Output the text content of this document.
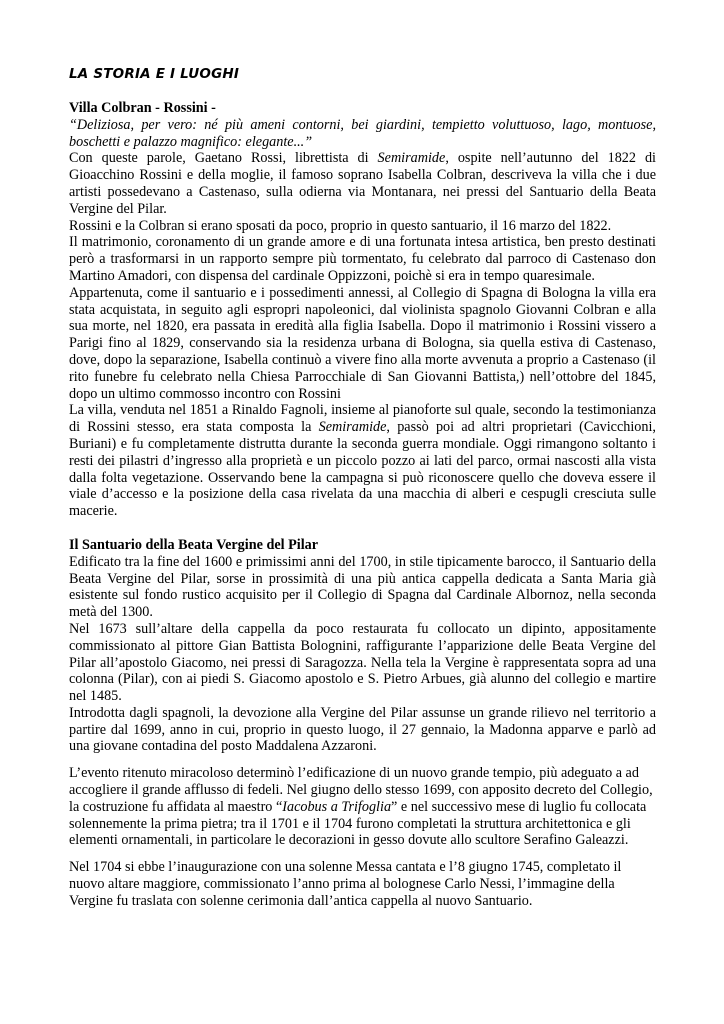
LA STORIA E I LUOGHI
Villa Colbran - Rossini -

“Deliziosa, per vero: né più ameni contorni, bei giardini, tempietto voluttuoso, lago, montuose, boschetti e palazzo magnifico: elegante...”

Con queste parole, Gaetano Rossi, librettista di Semiramide, ospite nell’autunno del 1822 di Gioacchino Rossini e della moglie, il famoso soprano Isabella Colbran, descriveva la villa che i due artisti possedevano a Castenaso, sulla odierna via Montanara, nei pressi del Santuario della Beata Vergine del Pilar.

Rossini e la Colbran si erano sposati da poco, proprio in questo santuario, il 16 marzo del 1822.

Il matrimonio, coronamento di un grande amore e di una fortunata intesa artistica, ben presto destinati però a trasformarsi in un rapporto sempre più tormentato, fu celebrato dal parroco di Castenaso don Martino Amadori, con dispensa del cardinale Oppizzoni, poichè si era in tempo quaresimale.

Appartenuta, come il santuario e i possedimenti annessi, al Collegio di Spagna di Bologna la villa era stata acquistata, in seguito agli espropri napoleonici, dal violinista spagnolo Giovanni Colbran e alla sua morte, nel 1820, era passata in eredità alla figlia Isabella. Dopo il matrimonio i Rossini vissero a Parigi fino al 1829, conservando sia la residenza urbana di Bologna, sia quella estiva di Castenaso, dove, dopo la separazione, Isabella continuò a vivere fino alla morte avvenuta a proprio a Castenaso (il rito funebre fu celebrato nella Chiesa Parrocchiale di San Giovanni Battista,) nell’ottobre del 1845, dopo un ultimo commosso incontro con Rossini

La villa, venduta nel 1851 a Rinaldo Fagnoli, insieme al pianoforte sul quale, secondo la testimonianza di Rossini stesso, era stata composta la Semiramide, passò poi ad altri proprietari (Cavicchioni, Buriani) e fu completamente distrutta durante la seconda guerra mondiale. Oggi rimangono soltanto i resti dei pilastri d’ingresso alla proprietà e un piccolo pozzo ai lati del parco, ormai nascosti alla vista dalla folta vegetazione. Osservando bene la campagna si può riconoscere quello che doveva essere il viale d’accesso e la posizione della casa rivelata da una macchia di alberi e cespugli cresciuta sulle macerie.

Il Santuario della Beata Vergine del Pilar

Edificato tra la fine del 1600 e primissimi anni del 1700, in stile tipicamente barocco, il Santuario della Beata Vergine del Pilar, sorse in prossimità di una più antica cappella dedicata a Santa Maria già esistente sul fondo rustico acquisito per il Collegio di Spagna dal Cardinale Albornoz, nella seconda metà del 1300.

Nel 1673 sull’altare della cappella da poco restaurata fu collocato un dipinto, appositamente commissionato al pittore Gian Battista Bolognini, raffigurante l’apparizione delle Beata Vergine del Pilar all’apostolo Giacomo, nei pressi di Saragozza. Nella tela la Vergine è rappresentata sopra ad una colonna (Pilar), con ai piedi S. Giacomo apostolo e S. Pietro Arbues, già alunno del collegio e martire nel 1485.

Introdotta dagli spagnoli, la devozione alla Vergine del Pilar assunse un grande rilievo nel territorio a partire dal 1699, anno in cui, proprio in questo luogo, il 27 gennaio, la Madonna apparve e parlò ad una giovane contadina del posto Maddalena Azzaroni.

L’evento ritenuto miracoloso determinò l’edificazione di un nuovo grande tempio, più adeguato a ad accogliere il grande afflusso di fedeli. Nel giugno dello stesso 1699, con apposito decreto del Collegio, la costruzione fu affidata al maestro “Iacobus a Trifoglia” e nel successivo mese di luglio fu collocata solennemente la prima pietra; tra il 1701 e il 1704 furono completati la struttura architettonica e gli elementi ornamentali, in particolare le decorazioni in gesso dovute allo scultore Serafino Galeazzi.

Nel 1704 si ebbe l’inaugurazione con una solenne Messa cantata e l’8 giugno 1745, completato il nuovo altare maggiore, commissionato l’anno prima al bolognese Carlo Nessi, l’immagine della Vergine fu traslata con solenne cerimonia dall’antica cappella al nuovo Santuario.
